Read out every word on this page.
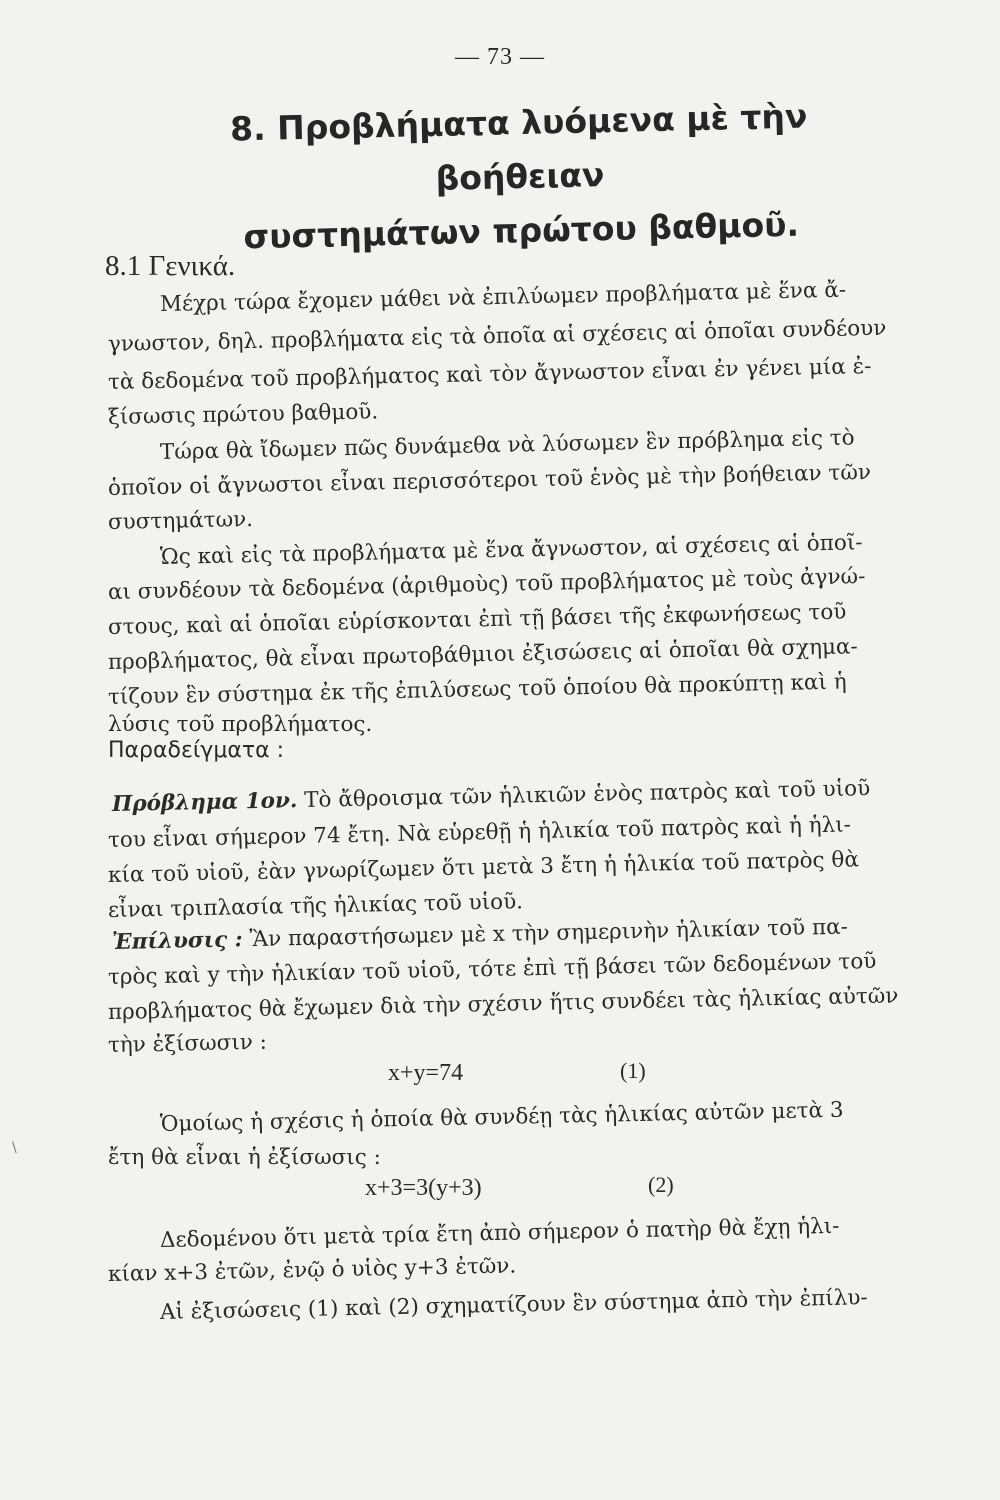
— 73 —
8. Προβλήματα λυόμενα μὲ τὴν βοήθειαν
συστημάτων πρώτου βαθμοῦ.
8.1 Γενικά.
Μέχρι τώρα ἔχομεν μάθει νὰ ἐπιλύωμεν προβλήματα μὲ ἕνα ἄ-
γνωστον, δηλ. προβλήματα εἰς τὰ ὁποῖα αἱ σχέσεις αἱ ὁποῖαι συνδέουν
τὰ δεδομένα τοῦ προβλήματος καὶ τὸν ἄγνωστον εἶναι ἐν γένει μία ἐ-
ξίσωσις πρώτου βαθμοῦ.
Τώρα θὰ ἴδωμεν πῶς δυνάμεθα νὰ λύσωμεν ἓν πρόβλημα εἰς τὸ
ὁποῖον οἱ ἄγνωστοι εἶναι περισσότεροι τοῦ ἑνὸς μὲ τὴν βοήθειαν τῶν
συστημάτων.
Ὡς καὶ εἰς τὰ προβλήματα μὲ ἕνα ἄγνωστον, αἱ σχέσεις αἱ ὁποῖ-
αι συνδέουν τὰ δεδομένα (ἀριθμοὺς) τοῦ προβλήματος μὲ τοὺς ἀγνώ-
στους, καὶ αἱ ὁποῖαι εὑρίσκονται ἐπὶ τῇ βάσει τῆς ἐκφωνήσεως τοῦ
προβλήματος, θὰ εἶναι πρωτοβάθμιοι ἐξισώσεις αἱ ὁποῖαι θὰ σχημα-
τίζουν ἓν σύστημα ἐκ τῆς ἐπιλύσεως τοῦ ὁποίου θὰ προκύπτῃ καὶ ἡ
λύσις τοῦ προβλήματος.
Παραδείγματα :
Πρόβλημα 1ον. Τὸ ἄθροισμα τῶν ἡλικιῶν ἑνὸς πατρὸς καὶ τοῦ υἱοῦ
του εἶναι σήμερον 74 ἔτη. Νὰ εὑρεθῇ ἡ ἡλικία τοῦ πατρὸς καὶ ἡ ἡλι-
κία τοῦ υἱοῦ, ἐὰν γνωρίζωμεν ὅτι μετὰ 3 ἔτη ἡ ἡλικία τοῦ πατρὸς θὰ
εἶναι τριπλασία τῆς ἡλικίας τοῦ υἱοῦ.
Ἐπίλυσις : Ἂν παραστήσωμεν μὲ x τὴν σημερινὴν ἡλικίαν τοῦ πα-
τρὸς καὶ y τὴν ἡλικίαν τοῦ υἱοῦ, τότε ἐπὶ τῇ βάσει τῶν δεδομένων τοῦ
προβλήματος θὰ ἔχωμεν διὰ τὴν σχέσιν ἥτις συνδέει τὰς ἡλικίας αὐτῶν
τὴν ἐξίσωσιν :
x+y=74	(1)
Ὁμοίως ἡ σχέσις ἡ ὁποία θὰ συνδέῃ τὰς ἡλικίας αὐτῶν μετὰ 3
ἔτη θὰ εἶναι ἡ ἐξίσωσις :
x+3=3(y+3)	(2)
Δεδομένου ὅτι μετὰ τρία ἔτη ἀπὸ σήμερον ὁ πατὴρ θὰ ἔχῃ ἡλι-
κίαν x+3 ἐτῶν, ἐνῷ ὁ υἱὸς y+3 ἐτῶν.
Αἱ ἐξισώσεις (1) καὶ (2) σχηματίζουν ἓν σύστημα ἀπὸ τὴν ἐπίλυ-
\
